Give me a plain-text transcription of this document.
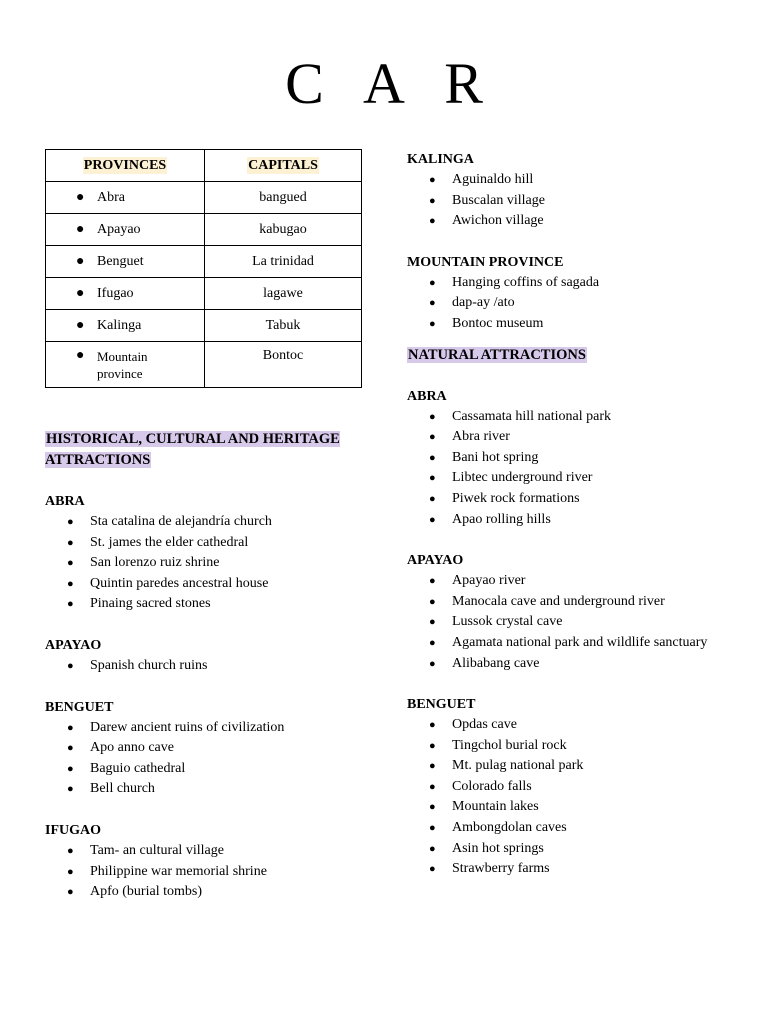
C A R
PROVINCES	CAPITALS

● Abra	bangued

● Apayao	kabugao

● Benguet	La trinidad

● Ifugao	lagawe

● Kalinga	Tabuk

● Mountain province	Bontoc

HISTORICAL, CULTURAL AND HERITAGE ATTRACTIONS

ABRA

● Sta catalina de alejandría church
● St. james the elder cathedral
● San lorenzo ruiz shrine
● Quintin paredes ancestral house
● Pinaing sacred stones

APAYAO

● Spanish church ruins

BENGUET

● Darew ancient ruins of civilization
● Apo anno cave
● Baguio cathedral
● Bell church

IFUGAO

● Tam- an cultural village
● Philippine war memorial shrine
● Apfo (burial tombs)

KALINGA

● Aguinaldo hill
● Buscalan village
● Awichon village

MOUNTAIN PROVINCE

● Hanging coffins of sagada
● dap-ay /ato
● Bontoc museum

NATURAL ATTRACTIONS

ABRA

● Cassamata hill national park
● Abra river
● Bani hot spring
● Libtec underground river
● Piwek rock formations
● Apao rolling hills

APAYAO

● Apayao river
● Manocala cave and underground river
● Lussok crystal cave
● Agamata national park and wildlife sanctuary
● Alibabang cave

BENGUET

● Opdas cave
● Tingchol burial rock
● Mt. pulag national park
● Colorado falls
● Mountain lakes
● Ambongdolan caves
● Asin hot springs
● Strawberry farms
